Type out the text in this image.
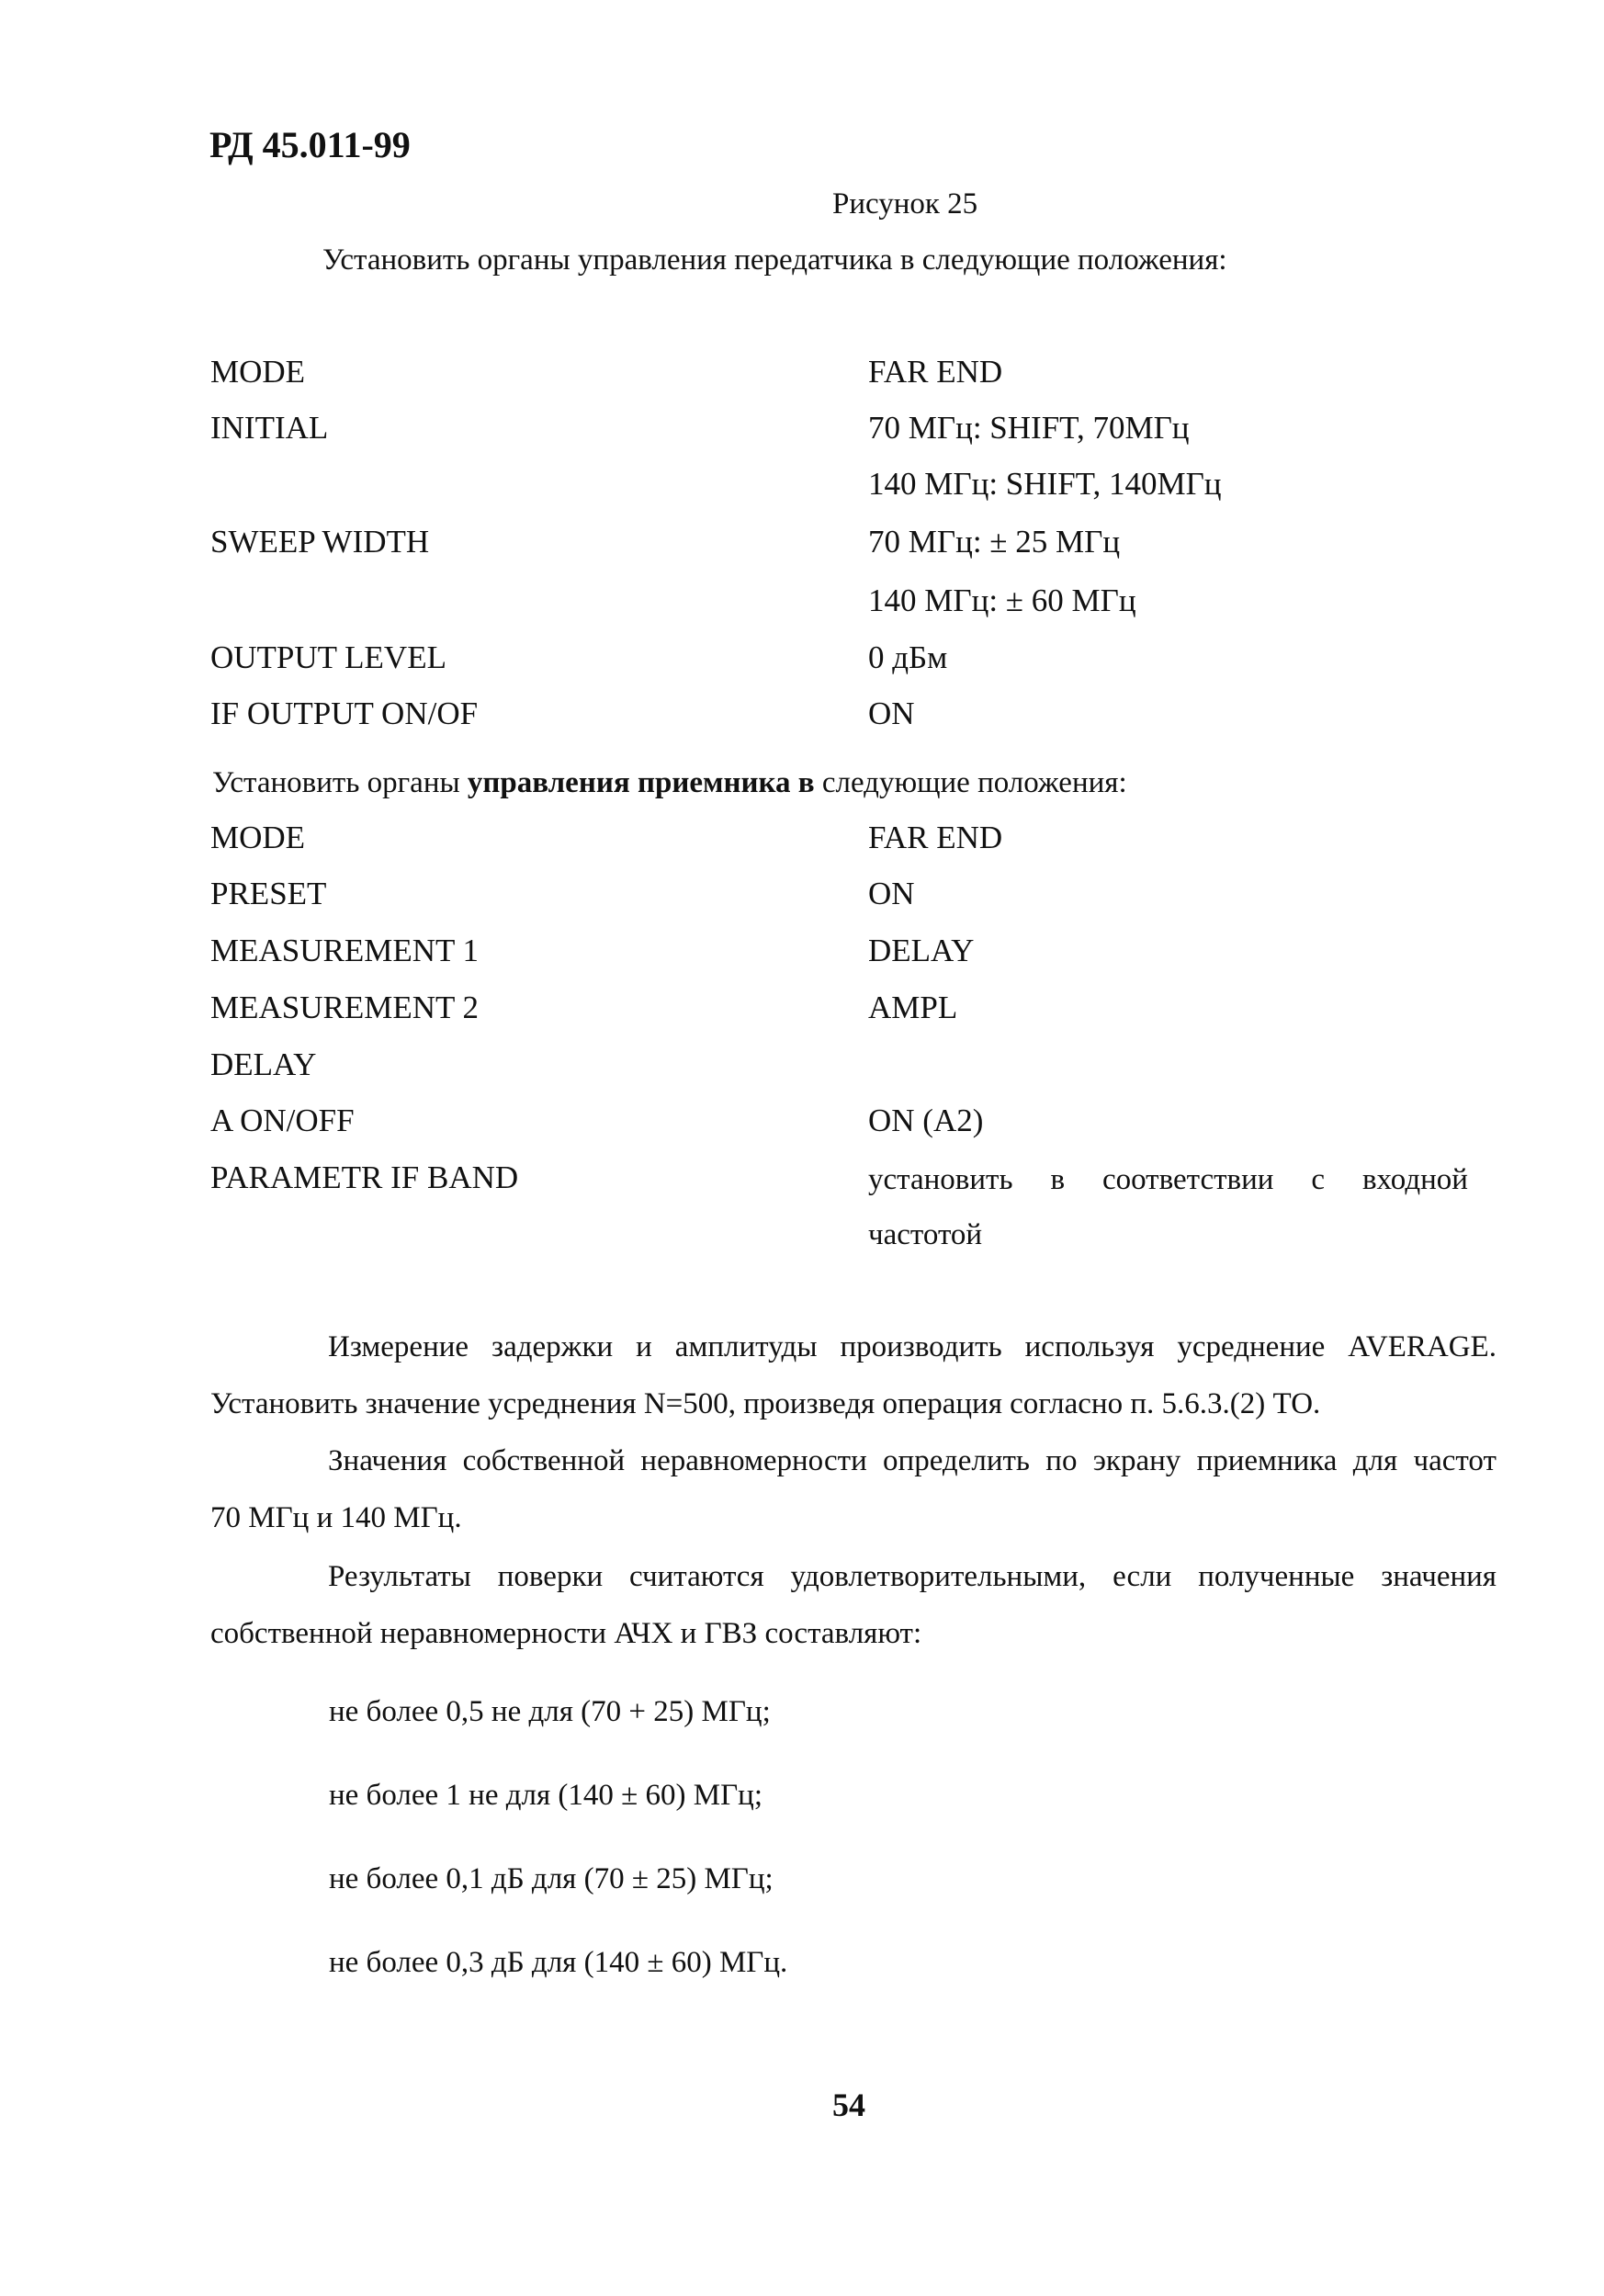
РД 45.011-99
Рисунок 25
Установить органы управления передатчика в следующие положения:
MODE	FAR END
INITIAL	70 МГц: SHIFT, 70МГц
140 МГц: SHIFT, 140МГц
SWEEP WIDTH	70 МГц: ± 25 МГц
140 МГц: ± 60 МГц
OUTPUT LEVEL	0 дБм
IF OUTPUT ON/OF	ON
Установить органы управления приемника в следующие положения:
MODE	FAR END
PRESET	ON
MEASUREMENT 1	DELAY
MEASUREMENT 2	AMPL
DELAY
A ON/OFF	ON (A2)
PARAMETR IF BAND	установить в соответствии с входной
частотой
Измерение задержки и амплитуды производить используя усреднение AVERAGE.
Установить значение усреднения N=500, произведя операция согласно п. 5.6.3.(2) ТО.
Значения собственной неравномерности определить по экрану приемника для частот
70 МГц и 140 МГц.
Результаты поверки считаются удовлетворительными, если полученные значения
собственной неравномерности АЧХ и ГВЗ составляют:
не более 0,5 не для (70 + 25) МГц;
не более 1 не для (140 ± 60) МГц;
не более 0,1 дБ для (70 ± 25) МГц;
не более 0,3 дБ для (140 ± 60) МГц.
54
